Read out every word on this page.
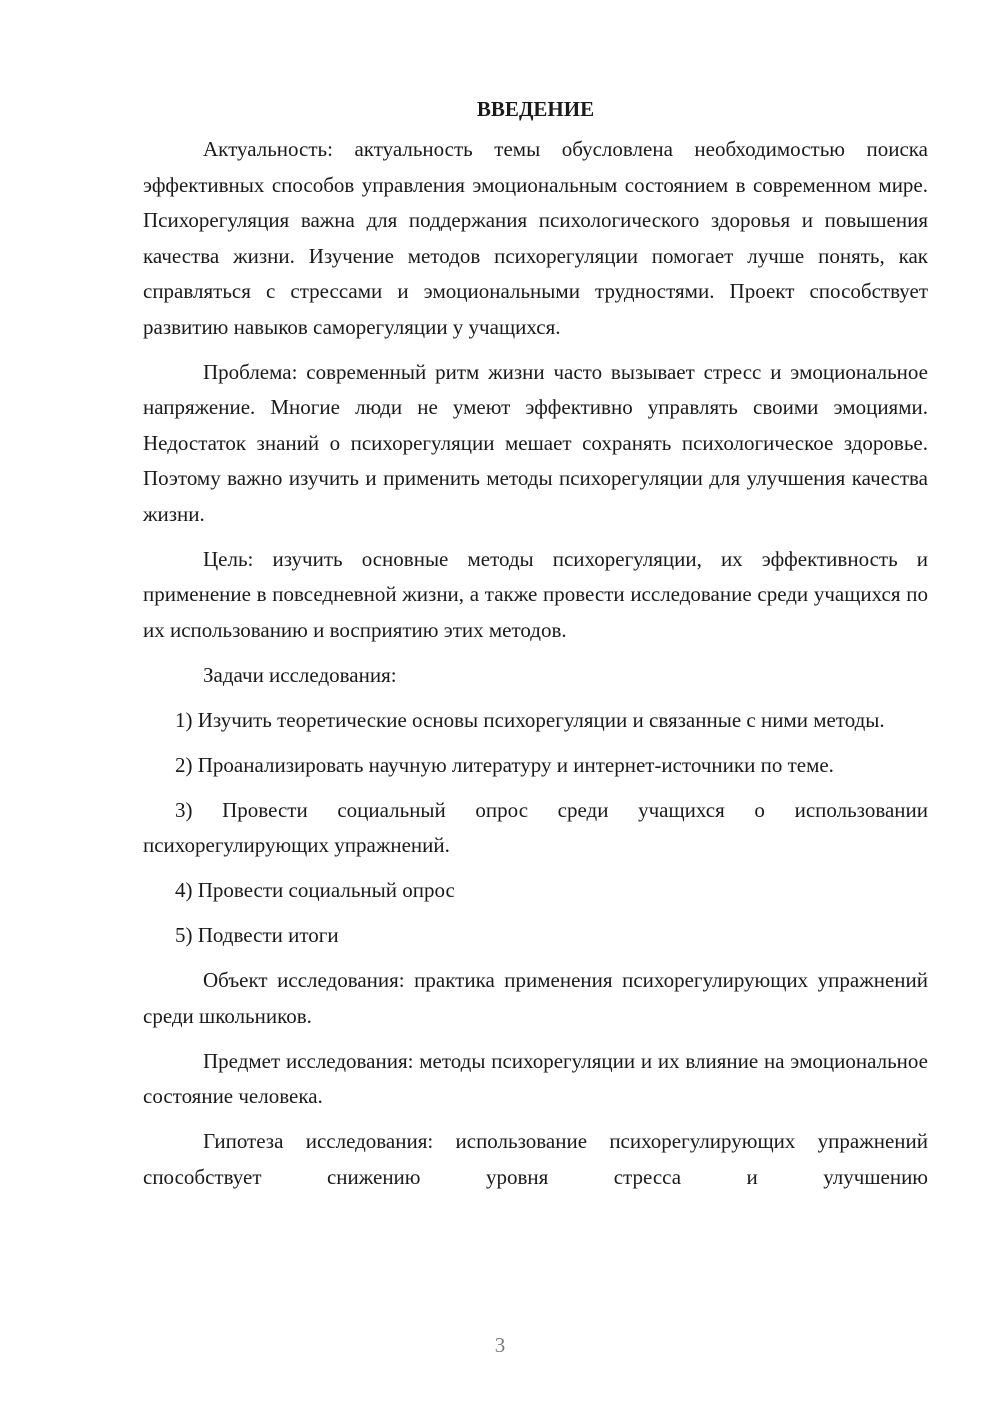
ВВЕДЕНИЕ

Актуальность: актуальность темы обусловлена необходимостью поиска эффективных способов управления эмоциональным состоянием в современном мире. Психорегуляция важна для поддержания психологического здоровья и повышения качества жизни. Изучение методов психорегуляции помогает лучше понять, как справляться с стрессами и эмоциональными трудностями. Проект способствует развитию навыков саморегуляции у учащихся.

Проблема: современный ритм жизни часто вызывает стресс и эмоциональное напряжение. Многие люди не умеют эффективно управлять своими эмоциями. Недостаток знаний о психорегуляции мешает сохранять психологическое здоровье. Поэтому важно изучить и применить методы психорегуляции для улучшения качества жизни.

Цель: изучить основные методы психорегуляции, их эффективность и применение в повседневной жизни, а также провести исследование среди учащихся по их использованию и восприятию этих методов.

Задачи исследования:

1) Изучить теоретические основы психорегуляции и связанные с ними методы.

2) Проанализировать научную литературу и интернет-источники по теме.

3) Провести социальный опрос среди учащихся о использовании психорегулирующих упражнений.

4) Провести социальный опрос

5) Подвести итоги

Объект исследования: практика применения психорегулирующих упражнений среди школьников.

Предмет исследования: методы психорегуляции и их влияние на эмоциональное состояние человека.

Гипотеза исследования: использование психорегулирующих упражнений способствует снижению уровня стресса и улучшению

3
